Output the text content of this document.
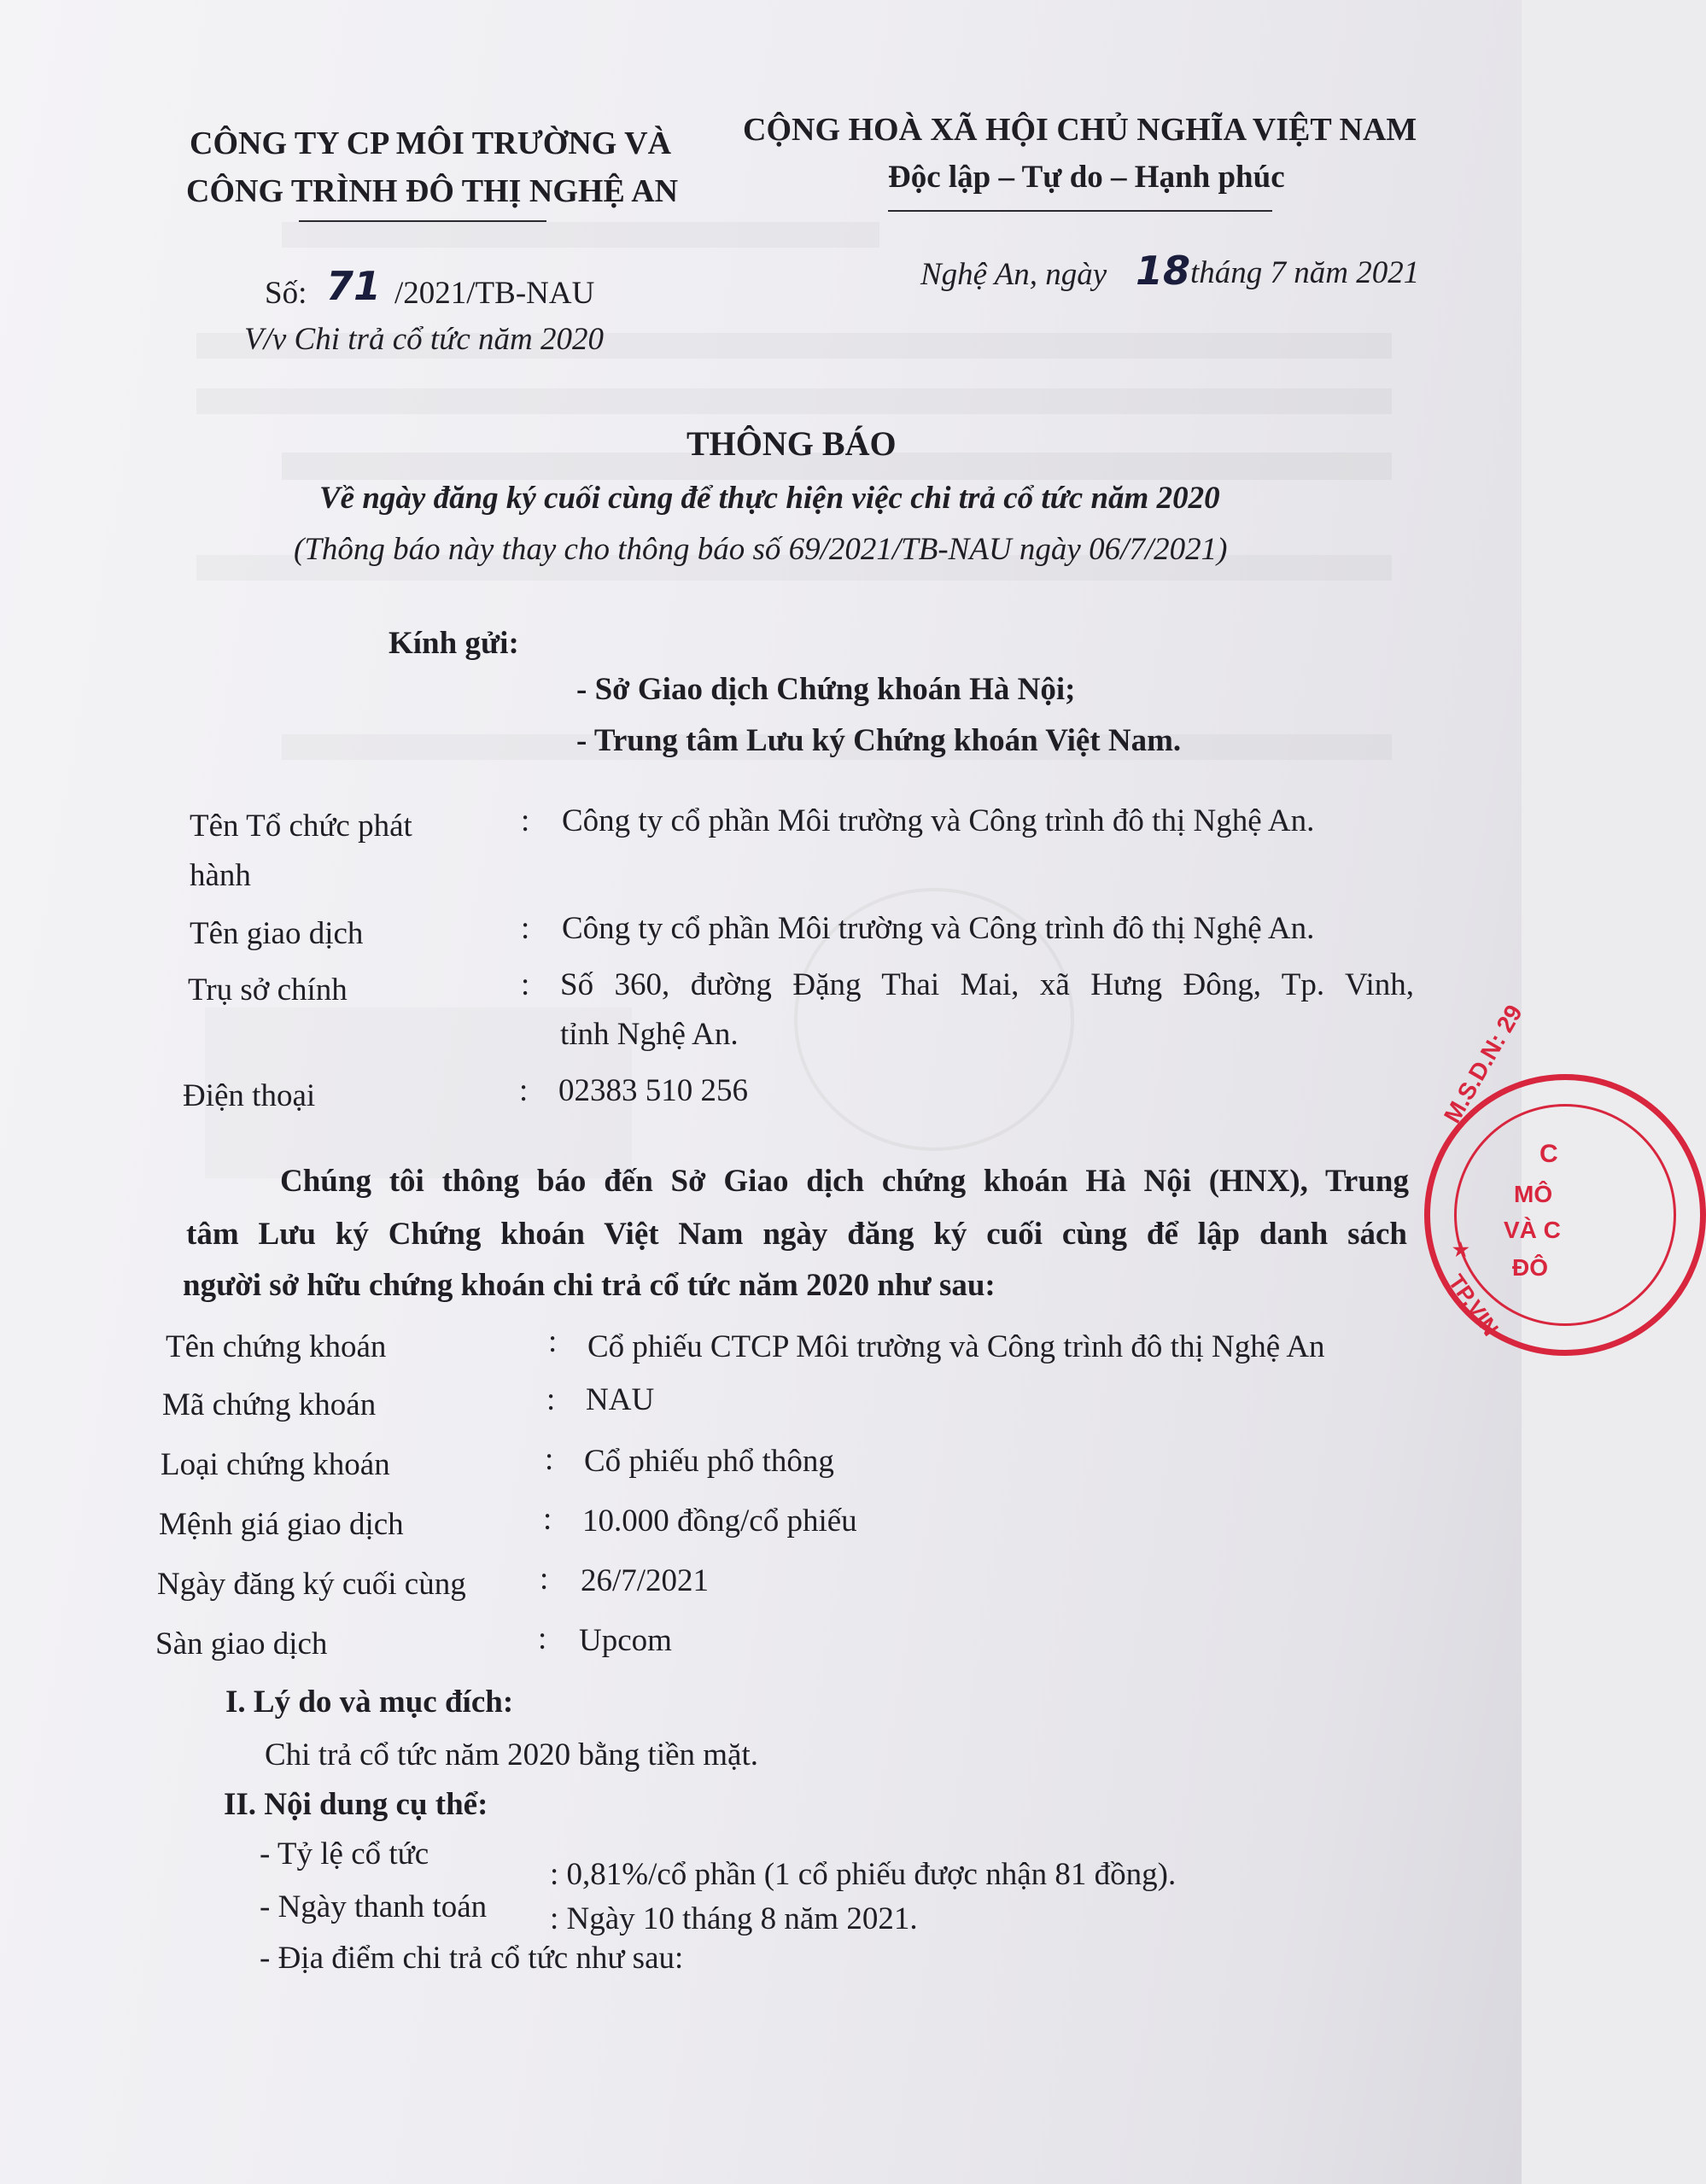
CÔNG TY CP MÔI TRƯỜNG VÀ
CÔNG TRÌNH ĐÔ THỊ NGHỆ AN
CỘNG HOÀ XÃ HỘI CHỦ NGHĨA VIỆT NAM
Độc lập – Tự do – Hạnh phúc
Số: 71 /2021/TB-NAU
V/v Chi trả cổ tức năm 2020
Nghệ An, ngày 18 tháng 7 năm 2021
THÔNG BÁO
Về ngày đăng ký cuối cùng để thực hiện việc chi trả cổ tức năm 2020
(Thông báo này thay cho thông báo số 69/2021/TB-NAU ngày 06/7/2021)
Kính gửi:
- Sở Giao dịch Chứng khoán Hà Nội;
- Trung tâm Lưu ký Chứng khoán Việt Nam.
Tên Tổ chức phát
hành
: Công ty cổ phần Môi trường và Công trình đô thị Nghệ An.
Tên giao dịch	: Công ty cổ phần Môi trường và Công trình đô thị Nghệ An.
Trụ sở chính	: Số 360, đường Đặng Thai Mai, xã Hưng Đông, Tp. Vinh,
tỉnh Nghệ An.
Điện thoại	: 02383 510 256
Chúng tôi thông báo đến Sở Giao dịch chứng khoán Hà Nội (HNX), Trung
tâm Lưu ký Chứng khoán Việt Nam ngày đăng ký cuối cùng để lập danh sách
người sở hữu chứng khoán chi trả cổ tức năm 2020 như sau:
Tên chứng khoán	: Cổ phiếu CTCP Môi trường và Công trình đô thị Nghệ An
Mã chứng khoán	: NAU
Loại chứng khoán	: Cổ phiếu phổ thông
Mệnh giá giao dịch	: 10.000 đồng/cổ phiếu
Ngày đăng ký cuối cùng : 26/7/2021
Sàn giao dịch	: Upcom
I. Lý do và mục đích:
Chi trả cổ tức năm 2020 bằng tiền mặt.
II. Nội dung cụ thể:
- Tỷ lệ cổ tức
: 0,81%/cổ phần (1 cổ phiếu được nhận 81 đồng).
- Ngày thanh toán : Ngày 10 tháng 8 năm 2021.
- Địa điểm chi trả cổ tức như sau:
M.S.D.N: 29
C
MÔ
VÀ C
ĐÔ
TP.VIN
★
